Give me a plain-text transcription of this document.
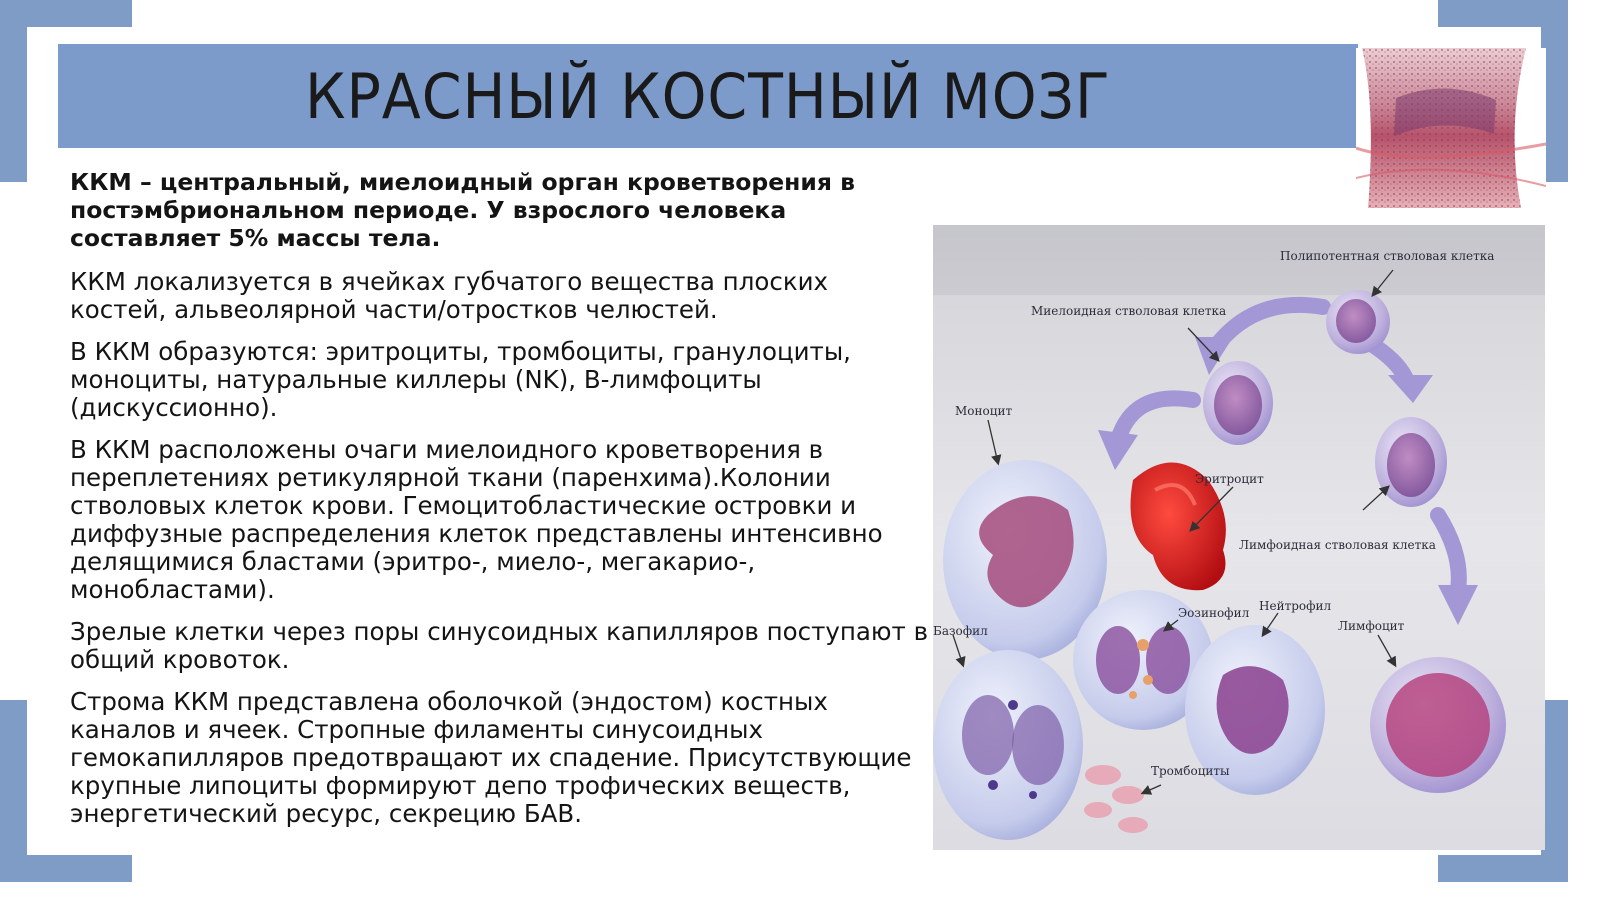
КРАСНЫЙ КОСТНЫЙ МОЗГ

ККМ – центральный, миелоидный орган кроветворения в постэмбриональном периоде. У взрослого человека составляет 5% массы тела.

ККМ локализуется в ячейках губчатого вещества плоских костей, альвеолярной части/отростков челюстей.

В ККМ образуются: эритроциты, тромбоциты, гранулоциты, моноциты, натуральные киллеры (NK), В-лимфоциты (дискуссионно).

В ККМ расположены очаги миелоидного кроветворения в переплетениях ретикулярной ткани (паренхима).Колонии стволовых клеток крови. Гемоцитобластические островки и диффузные распределения клеток представлены интенсивно делящимися бластами (эритро-, миело-, мегакарио-, монобластами).

Зрелые клетки через поры синусоидных капилляров поступают в общий кровоток.

Строма ККМ представлена оболочкой (эндостом) костных каналов и ячеек. Стропные филаменты синусоидных гемокапилляров предотвращают их спадение. Присутствующие крупные липоциты формируют депо трофических веществ, энергетический ресурс, секрецию БАВ.

Полипотентная стволовая клетка
Миелоидная стволовая клетка
Моноцит
Эритроцит
Лимфоидная стволовая клетка
Базофил
Эозинофил Нейтрофил
Лимфоцит
Тромбоциты
